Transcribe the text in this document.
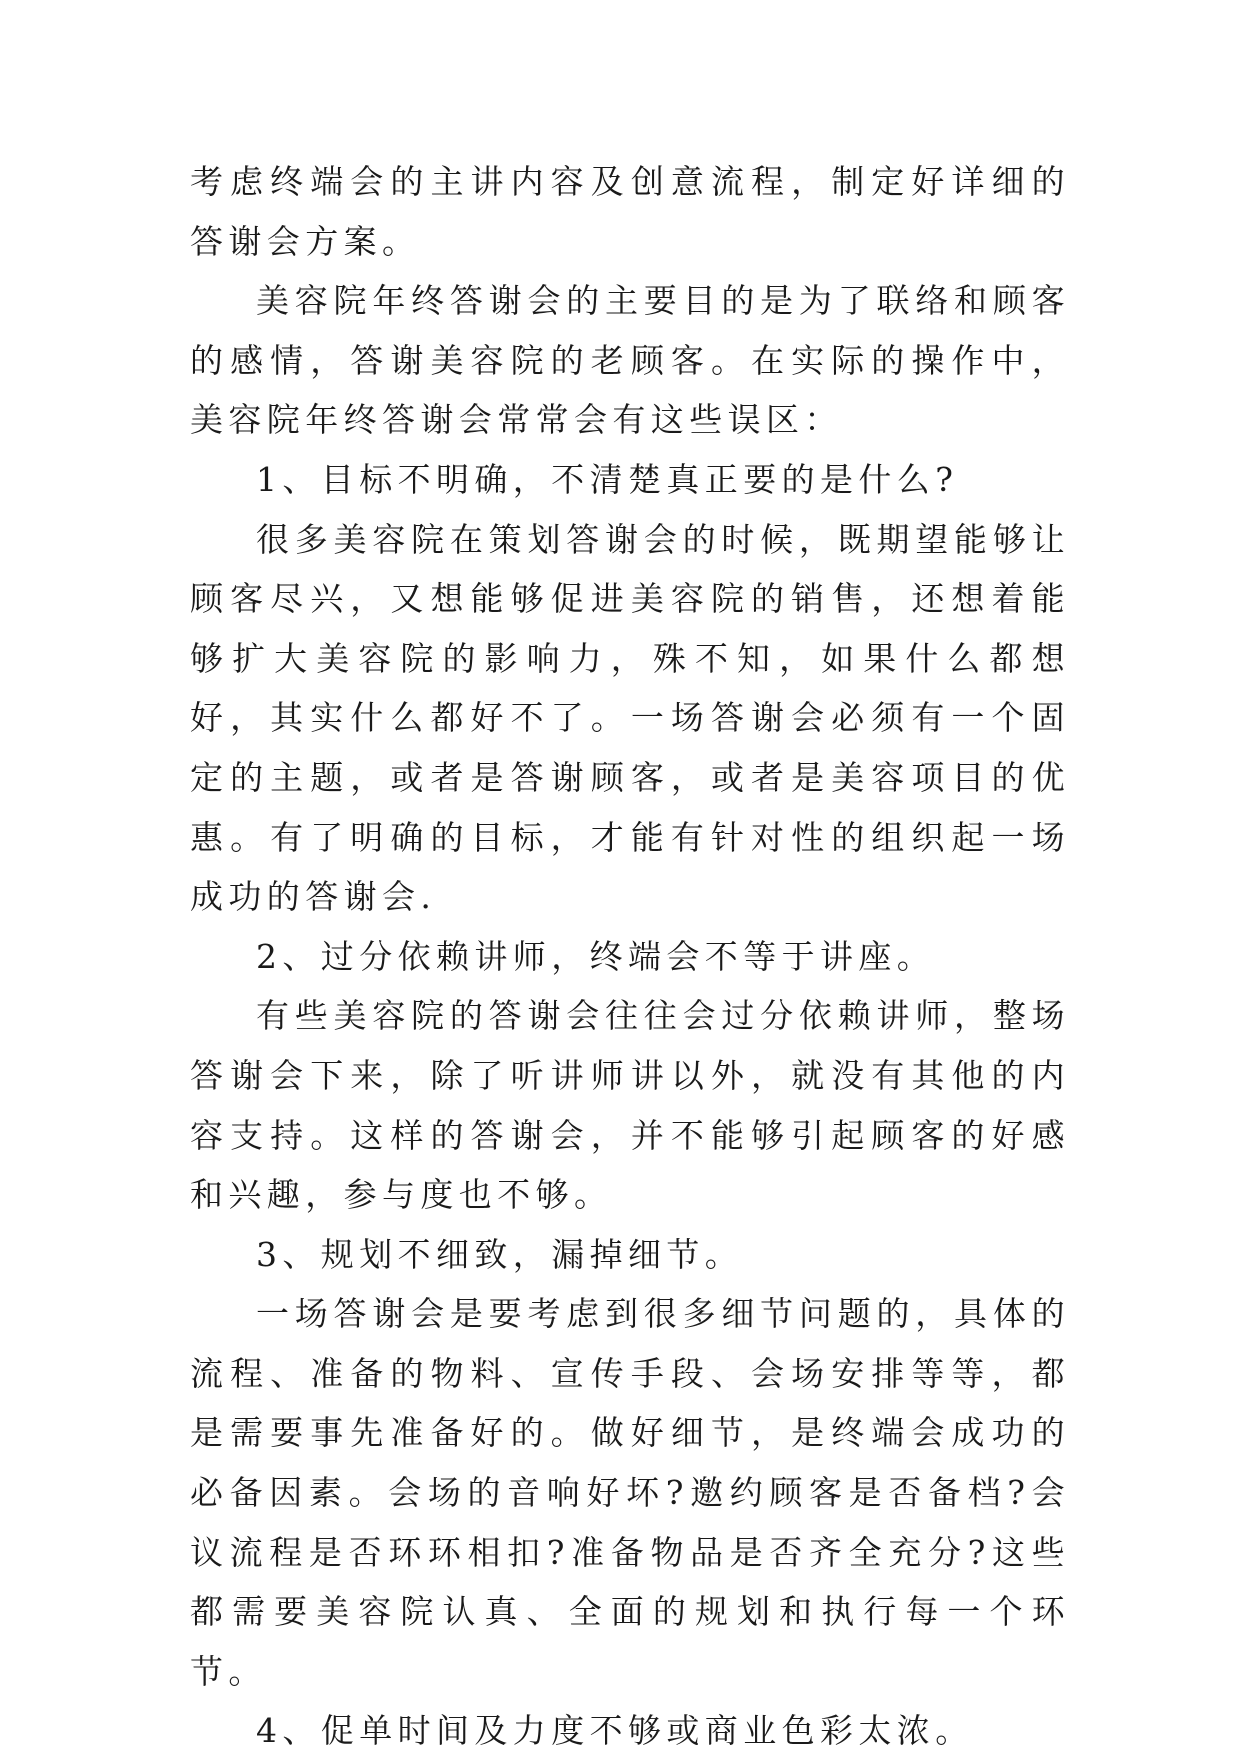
考虑终端会的主讲内容及创意流程，制定好详细的答谢会方案。

美容院年终答谢会的主要目的是为了联络和顾客的感情，答谢美容院的老顾客。在实际的操作中，美容院年终答谢会常常会有这些误区：

1、目标不明确，不清楚真正要的是什么?

很多美容院在策划答谢会的时候，既期望能够让顾客尽兴，又想能够促进美容院的销售，还想着能够扩大美容院的影响力，殊不知，如果什么都想好，其实什么都好不了。一场答谢会必须有一个固定的主题，或者是答谢顾客，或者是美容项目的优惠。有了明确的目标，才能有针对性的组织起一场成功的答谢会.

2、过分依赖讲师，终端会不等于讲座。

有些美容院的答谢会往往会过分依赖讲师，整场答谢会下来，除了听讲师讲以外，就没有其他的内容支持。这样的答谢会，并不能够引起顾客的好感和兴趣，参与度也不够。

3、规划不细致，漏掉细节。

一场答谢会是要考虑到很多细节问题的，具体的流程、准备的物料、宣传手段、会场安排等等，都是需要事先准备好的。做好细节，是终端会成功的必备因素。会场的音响好坏?邀约顾客是否备档?会议流程是否环环相扣?准备物品是否齐全充分?这些都需要美容院认真、全面的规划和执行每一个环节。

4、促单时间及力度不够或商业色彩太浓。
